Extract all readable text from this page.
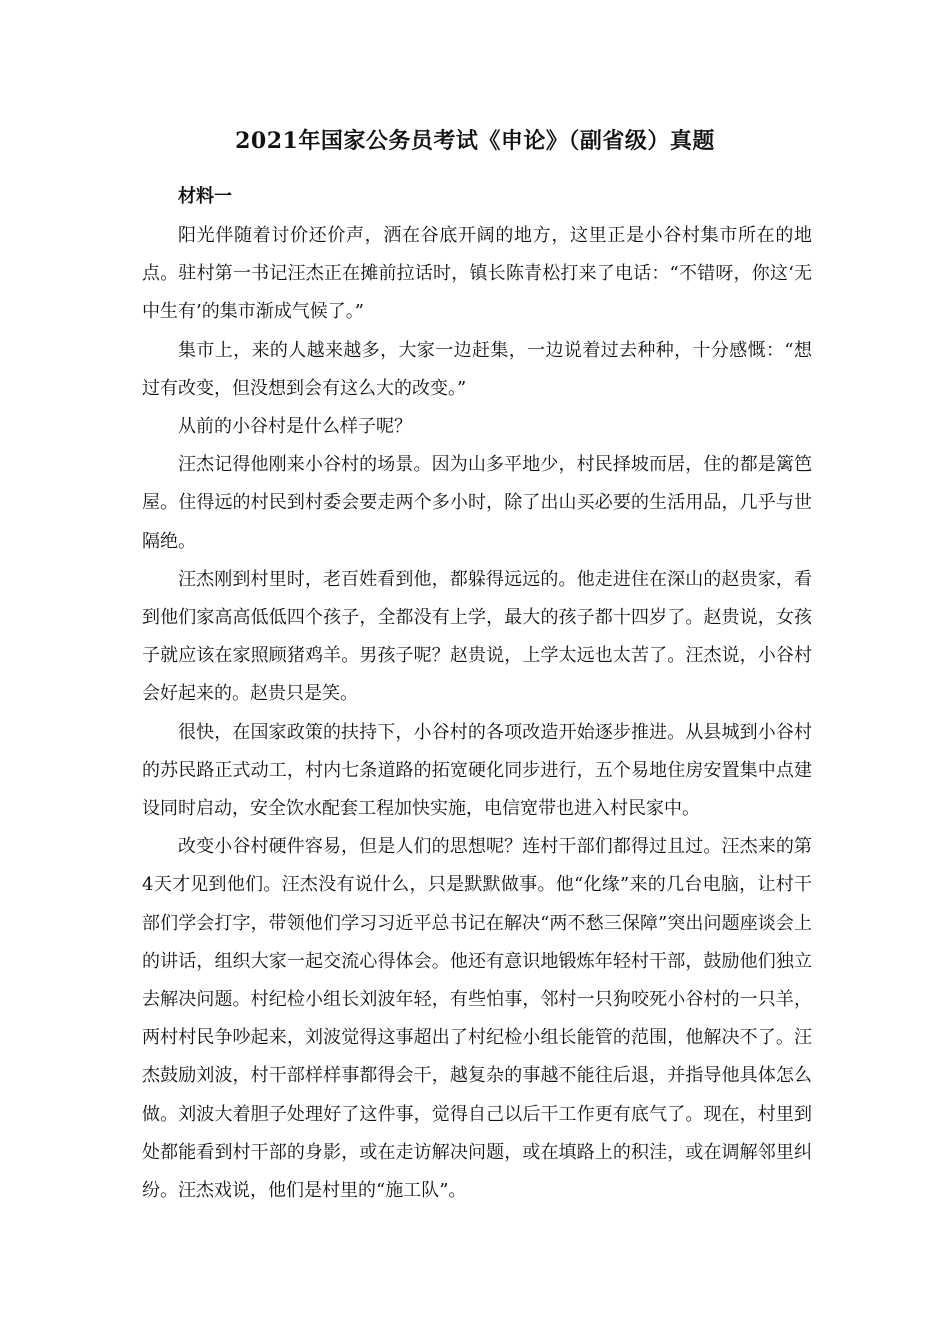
2021年国家公务员考试《申论》（副省级）真题

材料一

阳光伴随着讨价还价声，洒在谷底开阔的地方，这里正是小谷村集市所在的地点。驻村第一书记汪杰正在摊前拉话时，镇长陈青松打来了电话：“不错呀，你这‘无中生有’的集市渐成气候了。”

集市上，来的人越来越多，大家一边赶集，一边说着过去种种，十分感慨：“想过有改变，但没想到会有这么大的改变。”

从前的小谷村是什么样子呢？

汪杰记得他刚来小谷村的场景。因为山多平地少，村民择坡而居，住的都是篱笆屋。住得远的村民到村委会要走两个多小时，除了出山买必要的生活用品，几乎与世隔绝。

汪杰刚到村里时，老百姓看到他，都躲得远远的。他走进住在深山的赵贵家，看到他们家高高低低四个孩子，全都没有上学，最大的孩子都十四岁了。赵贵说，女孩子就应该在家照顾猪鸡羊。男孩子呢？赵贵说，上学太远也太苦了。汪杰说，小谷村会好起来的。赵贵只是笑。

很快，在国家政策的扶持下，小谷村的各项改造开始逐步推进。从县城到小谷村的苏民路正式动工，村内七条道路的拓宽硬化同步进行，五个易地住房安置集中点建设同时启动，安全饮水配套工程加快实施，电信宽带也进入村民家中。

改变小谷村硬件容易，但是人们的思想呢？连村干部们都得过且过。汪杰来的第4天才见到他们。汪杰没有说什么，只是默默做事。他“化缘”来的几台电脑，让村干部们学会打字，带领他们学习习近平总书记在解决“两不愁三保障”突出问题座谈会上的讲话，组织大家一起交流心得体会。他还有意识地锻炼年轻村干部，鼓励他们独立去解决问题。村纪检小组长刘波年轻，有些怕事，邻村一只狗咬死小谷村的一只羊，两村村民争吵起来，刘波觉得这事超出了村纪检小组长能管的范围，他解决不了。汪杰鼓励刘波，村干部样样事都得会干，越复杂的事越不能往后退，并指导他具体怎么做。刘波大着胆子处理好了这件事，觉得自己以后干工作更有底气了。现在，村里到处都能看到村干部的身影，或在走访解决问题，或在填路上的积洼，或在调解邻里纠纷。汪杰戏说，他们是村里的“施工队”。
